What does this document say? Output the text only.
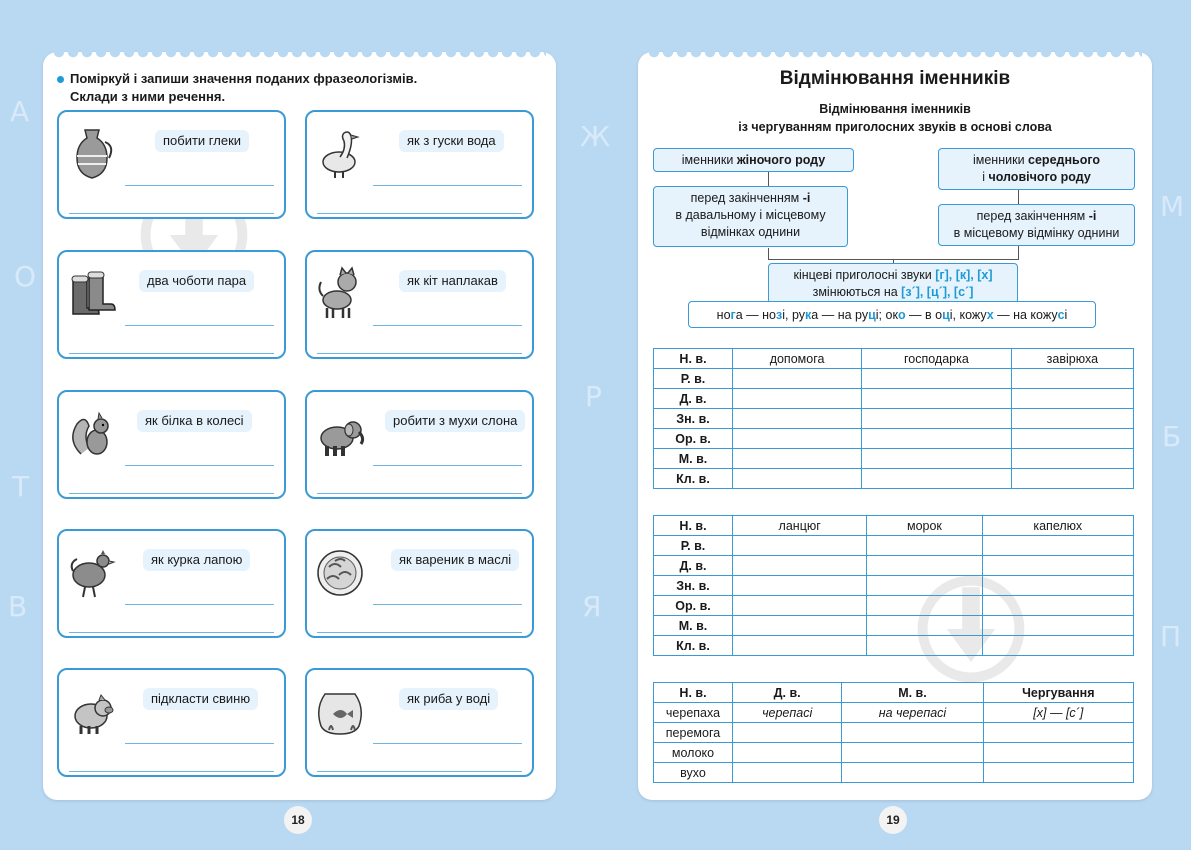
А
О
Т
В
М
Б
П
Ж
Р
Я
Поміркуй і запиши значення поданих фразеологізмів.
Склади з ними речення.
побити глеки	як з гуски вода
два чоботи пара	як кіт наплакав
як білка в колесі	робити з мухи слона
як курка лапою	як вареник в маслі
підкласти свиню	як риба у воді
18
Відмінювання іменників
Відмінювання іменників
із чергуванням приголосних звуків в основі слова
іменники жіночого роду
перед закінченням -і
в давальному і місцевому
відмінках однини
іменники середнього
і чоловічого роду
перед закінченням -і
в місцевому відмінку однини
кінцеві приголосні звуки [г], [к], [х]
змінюються на [з´], [ц´], [с´]
нога — нозі, рука — на руці; око — в оці, кожух — на кожусі
Н. в.	допомога	господарка	завірюха
Р. в.			
Д. в.			
Зн. в.			
Ор. в.			
М. в.			
Кл. в.			
Н. в.	ланцюг	морок	капелюх
Р. в.			
Д. в.			
Зн. в.			
Ор. в.			
М. в.			
Кл. в.			
Н. в.	Д. в.	М. в.	Чергування
черепаха	черепасі	на черепасі	[х] — [с´]
перемога			
молоко			
вухо			
19
